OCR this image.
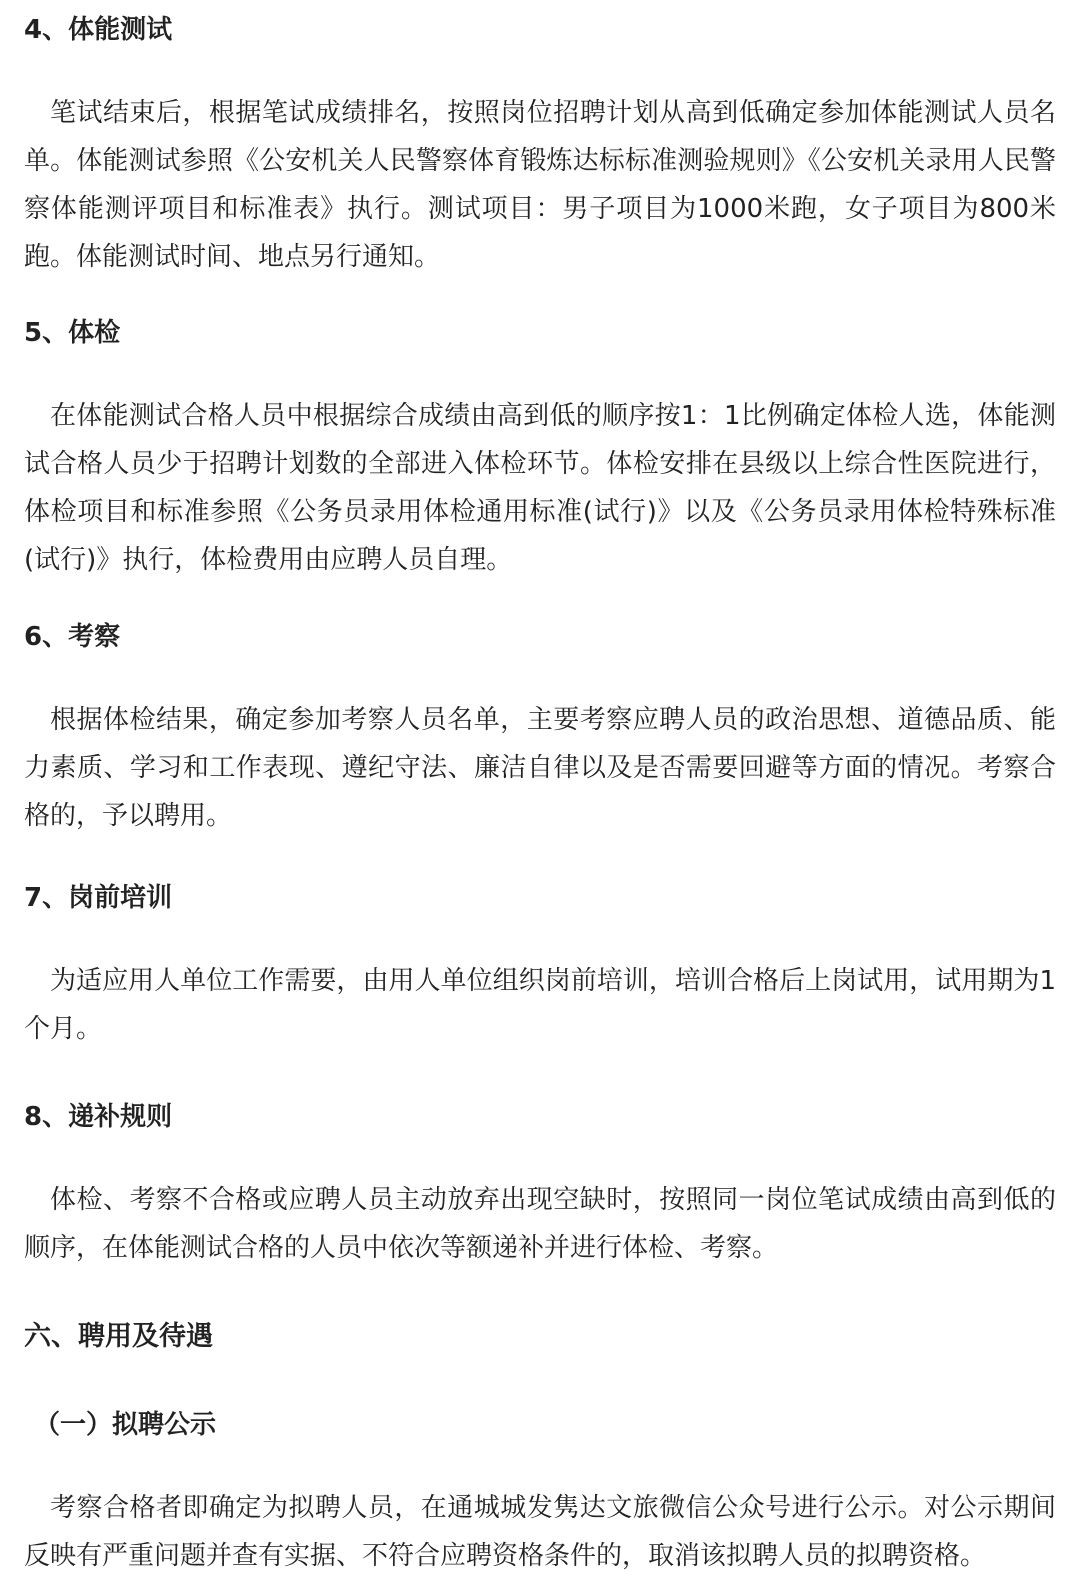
4、体能测试

笔试结束后，根据笔试成绩排名，按照岗位招聘计划从高到低确定参加体能测试人员名单。体能测试参照《公安机关人民警察体育锻炼达标标准测验规则》《公安机关录用人民警察体能测评项目和标准表》执行。测试项目：男子项目为1000米跑，女子项目为800米跑。体能测试时间、地点另行通知。

5、体检

在体能测试合格人员中根据综合成绩由高到低的顺序按1：1比例确定体检人选，体能测试合格人员少于招聘计划数的全部进入体检环节。体检安排在县级以上综合性医院进行，体检项目和标准参照《公务员录用体检通用标准(试行)》以及《公务员录用体检特殊标准(试行)》执行，体检费用由应聘人员自理。

6、考察

根据体检结果，确定参加考察人员名单，主要考察应聘人员的政治思想、道德品质、能力素质、学习和工作表现、遵纪守法、廉洁自律以及是否需要回避等方面的情况。考察合格的，予以聘用。

7、岗前培训

为适应用人单位工作需要，由用人单位组织岗前培训，培训合格后上岗试用，试用期为1个月。

8、递补规则

体检、考察不合格或应聘人员主动放弃出现空缺时，按照同一岗位笔试成绩由高到低的顺序，在体能测试合格的人员中依次等额递补并进行体检、考察。

六、聘用及待遇
（一）拟聘公示

考察合格者即确定为拟聘人员，在通城城发隽达文旅微信公众号进行公示。对公示期间反映有严重问题并查有实据、不符合应聘资格条件的，取消该拟聘人员的拟聘资格。
